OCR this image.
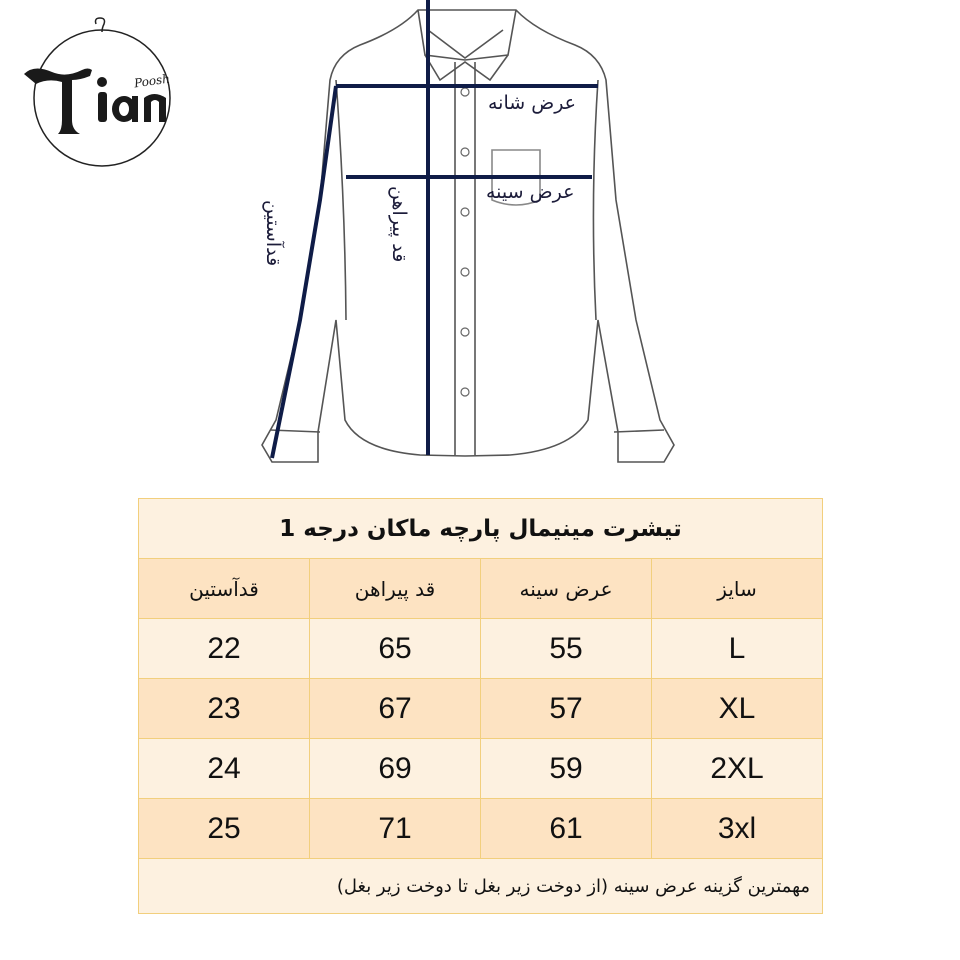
Poosh
عرض شانه
عرض سینه
قدآستین	قد پیراهن
تیشرت مینیمال پارچه ماکان درجه 1			
قدآستین	قد پیراهن	عرض سینه	سایز
22	65	55	L
23	67	57	XL
24	69	59	2XL
25	71	61	3xl
مهمترین گزینه عرض سینه (از دوخت زیر بغل تا دوخت زیر بغل)			
